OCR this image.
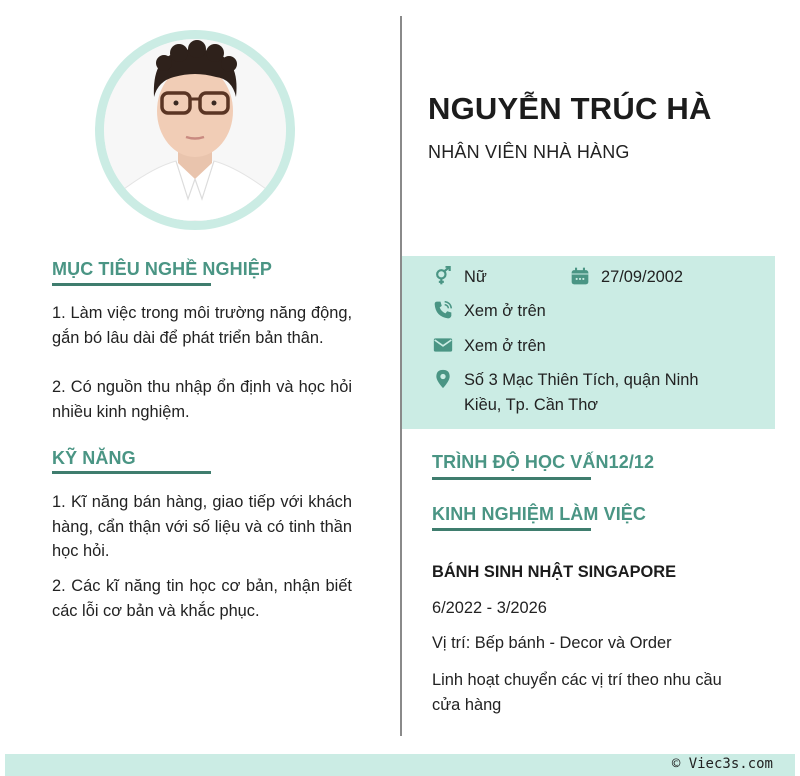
NGUYỄN TRÚC HÀ
NHÂN VIÊN NHÀ HÀNG
MỤC TIÊU NGHỀ NGHIỆP
1. Làm việc trong môi trường năng động, gắn bó lâu dài để phát triển bản thân.
2. Có nguồn thu nhập ổn định và học hỏi nhiều kinh nghiệm.
KỸ NĂNG
1. Kĩ năng bán hàng, giao tiếp với khách hàng, cẩn thận với số liệu và có tinh thần học hỏi.
2. Các kĩ năng tin học cơ bản, nhận biết các lỗi cơ bản và khắc phục.
Nữ	27/09/2002
Xem ở trên
Xem ở trên
Số 3 Mạc Thiên Tích, quận Ninh Kiều, Tp. Cần Thơ
TRÌNH ĐỘ HỌC VẤN12/12
KINH NGHIỆM LÀM VIỆC
BÁNH SINH NHẬT SINGAPORE
6/2022 - 3/2026
Vị trí: Bếp bánh - Decor và Order
Linh hoạt chuyển các vị trí theo nhu cầu cửa hàng
© Viec3s.com
